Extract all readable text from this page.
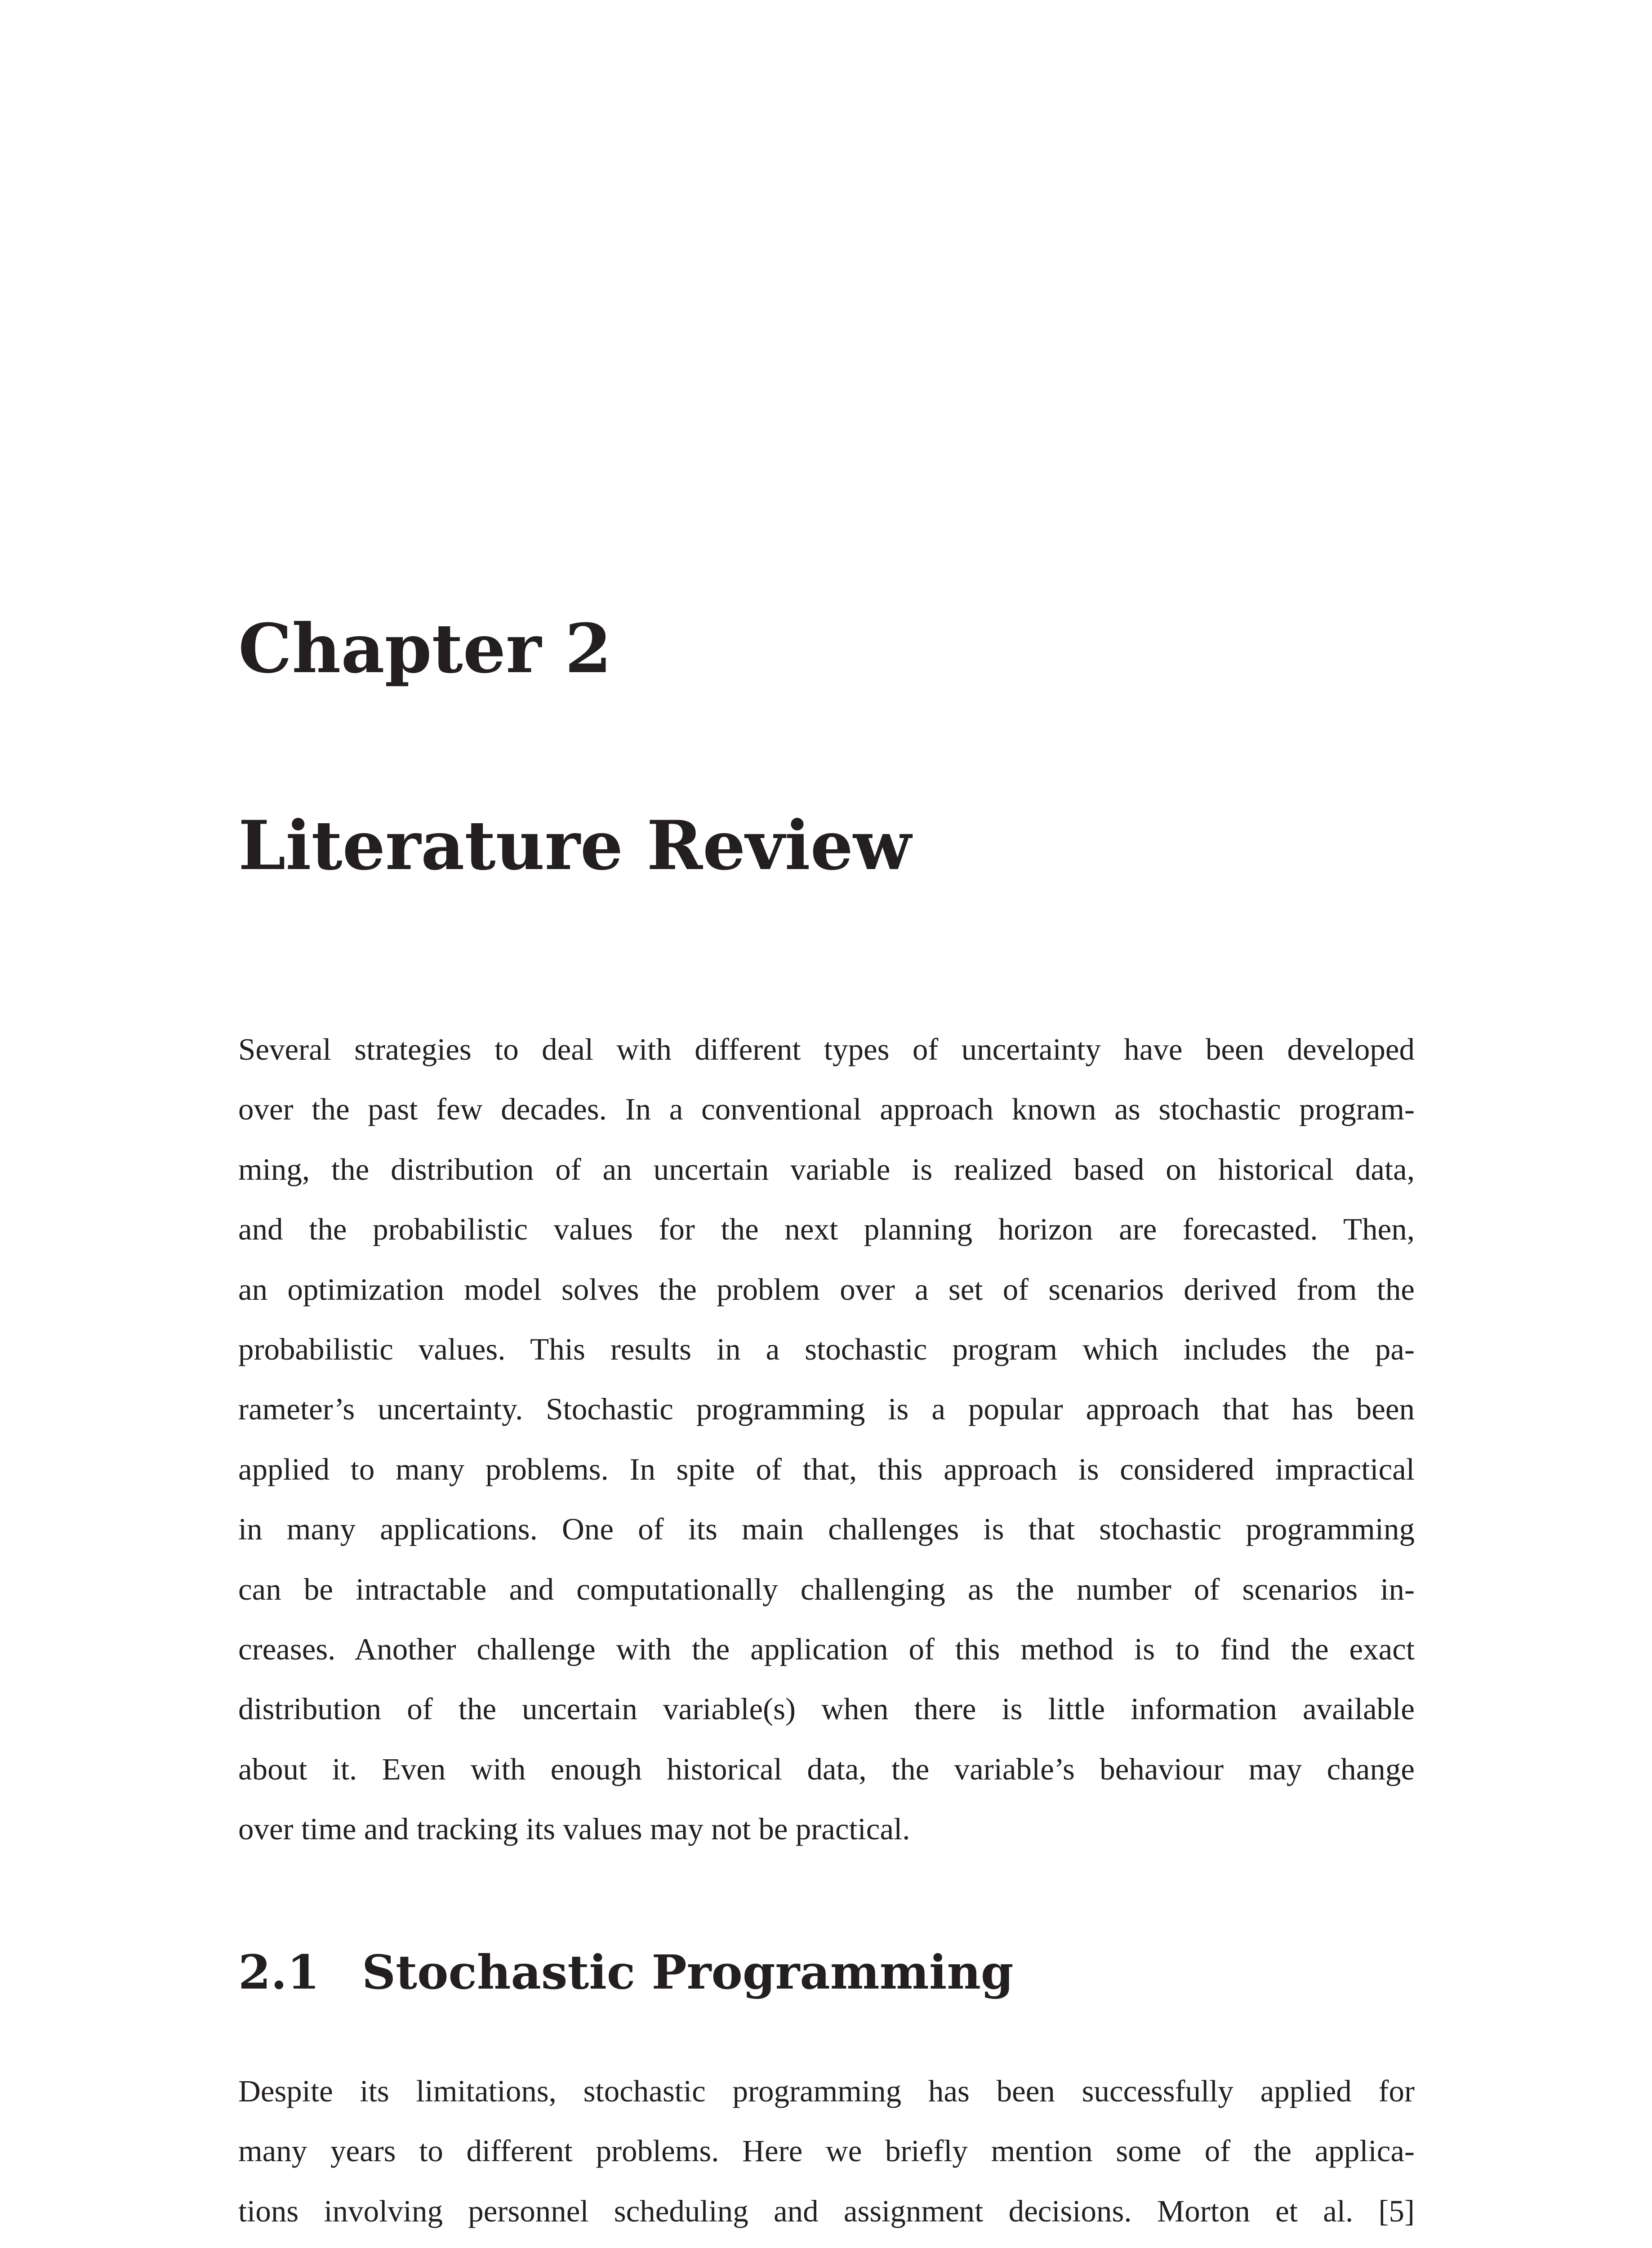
Chapter 2
Literature Review

Several strategies to deal with different types of uncertainty have been developed
over the past few decades. In a conventional approach known as stochastic program-
ming, the distribution of an uncertain variable is realized based on historical data,
and the probabilistic values for the next planning horizon are forecasted. Then,
an optimization model solves the problem over a set of scenarios derived from the
probabilistic values. This results in a stochastic program which includes the pa-
rameter’s uncertainty. Stochastic programming is a popular approach that has been
applied to many problems. In spite of that, this approach is considered impractical
in many applications. One of its main challenges is that stochastic programming
can be intractable and computationally challenging as the number of scenarios in-
creases. Another challenge with the application of this method is to find the exact
distribution of the uncertain variable(s) when there is little information available
about it. Even with enough historical data, the variable’s behaviour may change
over time and tracking its values may not be practical.

2.1 Stochastic Programming

Despite its limitations, stochastic programming has been successfully applied for
many years to different problems. Here we briefly mention some of the applica-
tions involving personnel scheduling and assignment decisions. Morton et al. [5]
